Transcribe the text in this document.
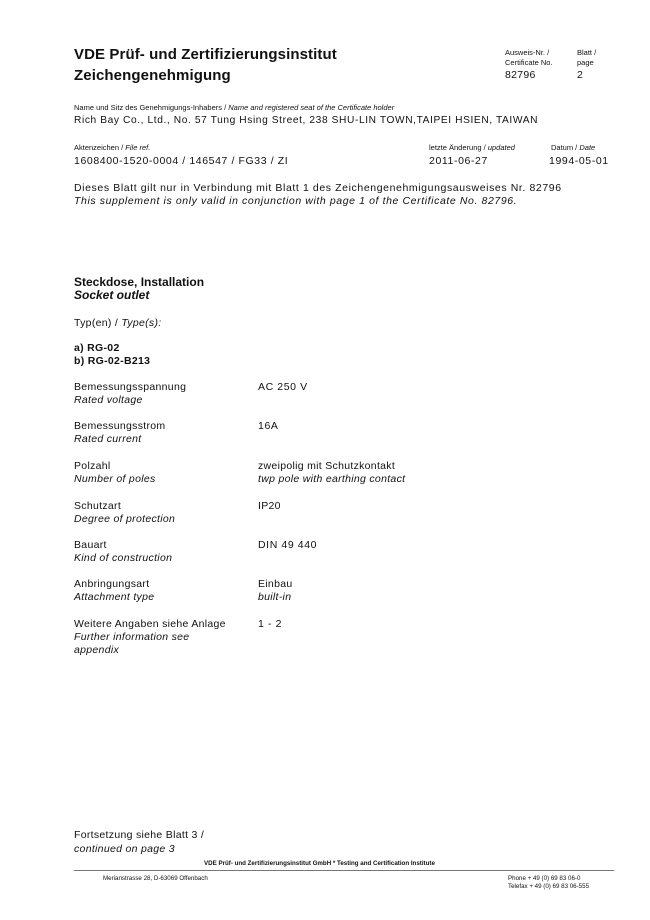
VDE Prüf- und Zertifizierungsinstitut
Zeichengenehmigung
Ausweis-Nr. /
Certificate No.
82796
Blatt /
page
2
Name und Sitz des Genehmigungs-Inhabers / Name and registered seat of the Certificate holder
Rich Bay Co., Ltd., No. 57 Tung Hsing Street, 238 SHU-LIN TOWN,TAIPEI HSIEN, TAIWAN
Aktenzeichen / File ref.
1608400-1520-0004 / 146547 / FG33 / ZI
letzte Änderung / updated
2011-06-27
Datum / Date
1994-05-01
Dieses Blatt gilt nur in Verbindung mit Blatt 1 des Zeichengenehmigungsausweises Nr. 82796
This supplement is only valid in conjunction with page 1 of the Certificate No. 82796.
Steckdose, Installation
Socket outlet
Typ(en) / Type(s):
a) RG-02
b) RG-02-B213
Bemessungsspannung
Rated voltage
AC 250 V
Bemessungsstrom
Rated current
16A
Polzahl
Number of poles
zweipolig mit Schutzkontakt
twp pole with earthing contact
Schutzart
Degree of protection
IP20
Bauart
Kind of construction
DIN 49 440
Anbringungsart
Attachment type
Einbau
built-in
Weitere Angaben siehe Anlage
Further information see
appendix
1 - 2
Fortsetzung siehe Blatt 3 /
continued on page 3
VDE Prüf- und Zertifizierungsinstitut GmbH * Testing and Certification Institute
Merianstrasse 28, D-63069 Offenbach	Phone + 49 (0) 69 83 06-0
Telefax + 49 (0) 69 83 06-555
